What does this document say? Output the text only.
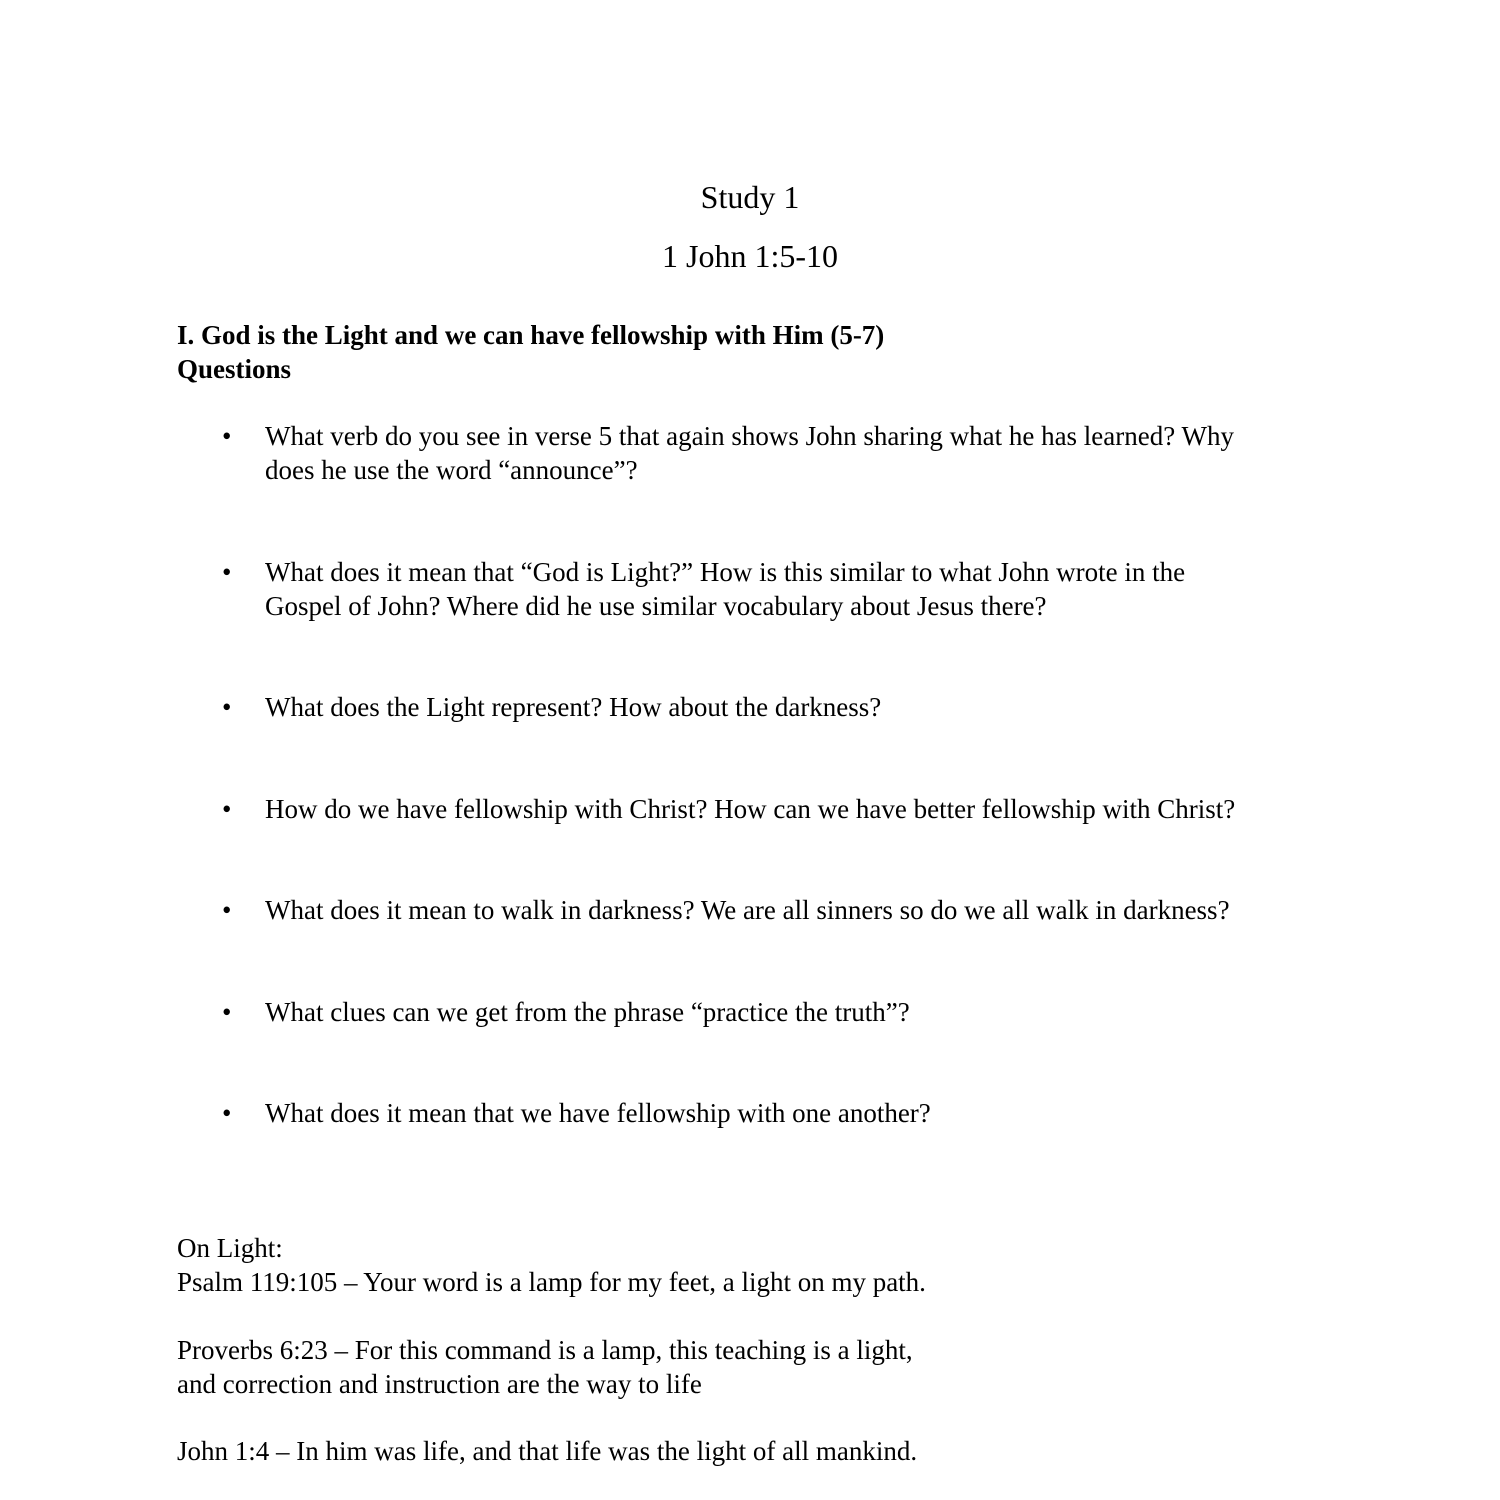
Study 1
1 John 1:5-10
I. God is the Light and we can have fellowship with Him (5-7)
Questions
•	What verb do you see in verse 5 that again shows John sharing what he has learned? Why
does he use the word “announce”?
•	What does it mean that “God is Light?” How is this similar to what John wrote in the
Gospel of John? Where did he use similar vocabulary about Jesus there?
•	What does the Light represent? How about the darkness?
•	How do we have fellowship with Christ? How can we have better fellowship with Christ?
•	What does it mean to walk in darkness? We are all sinners so do we all walk in darkness?
•	What clues can we get from the phrase “practice the truth”?
•	What does it mean that we have fellowship with one another?
On Light:
Psalm 119:105 – Your word is a lamp for my feet, a light on my path.
Proverbs 6:23 – For this command is a lamp, this teaching is a light,
and correction and instruction are the way to life
John 1:4 – In him was life, and that life was the light of all mankind.
